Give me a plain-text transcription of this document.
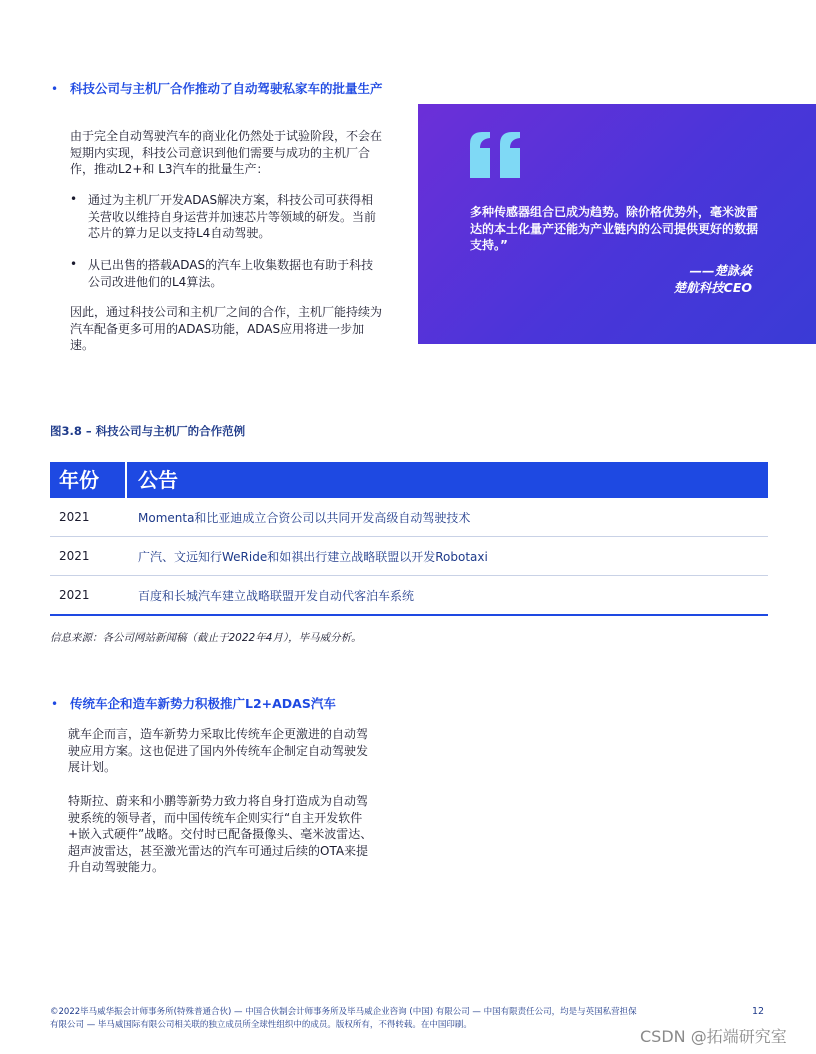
• 科技公司与主机厂合作推动了自动驾驶私家车的批量生产
由于完全自动驾驶汽车的商业化仍然处于试验阶段，不会在短期内实现，科技公司意识到他们需要与成功的主机厂合作，推动L2+和 L3汽车的批量生产：
• 通过为主机厂开发ADAS解决方案，科技公司可获得相关营收以维持自身运营并加速芯片等领域的研发。当前芯片的算力足以支持L4自动驾驶。
• 从已出售的搭载ADAS的汽车上收集数据也有助于科技公司改进他们的L4算法。
因此，通过科技公司和主机厂之间的合作，主机厂能持续为汽车配备更多可用的ADAS功能，ADAS应用将进一步加速。
多种传感器组合已成为趋势。除价格优势外，毫米波雷达的本土化量产还能为产业链内的公司提供更好的数据支持。”
——楚詠焱
楚航科技CEO
图3.8 – 科技公司与主机厂的合作范例
年份	公告
2021	Momenta和比亚迪成立合资公司以共同开发高级自动驾驶技术
2021	广汽、文远知行WeRide和如祺出行建立战略联盟以开发Robotaxi
2021	百度和长城汽车建立战略联盟开发自动代客泊车系统
信息来源：各公司网站新闻稿（截止于2022年4月），毕马威分析。
• 传统车企和造车新势力积极推广L2+ADAS汽车
就车企而言，造车新势力采取比传统车企更激进的自动驾驶应用方案。这也促进了国内外传统车企制定自动驾驶发展计划。
特斯拉、蔚来和小鹏等新势力致力将自身打造成为自动驾驶系统的领导者，而中国传统车企则实行“自主开发软件+嵌入式硬件”战略。交付时已配备摄像头、毫米波雷达、超声波雷达，甚至激光雷达的汽车可通过后续的OTA来提升自动驾驶能力。
©2022毕马威华振会计师事务所(特殊普通合伙) — 中国合伙制会计师事务所及毕马威企业咨询 (中国) 有限公司 — 中国有限责任公司，均是与英国私营担保
有限公司 — 毕马威国际有限公司相关联的独立成员所全球性组织中的成员。版权所有，不得转载。在中国印刷。
12
CSDN @拓端研究室
